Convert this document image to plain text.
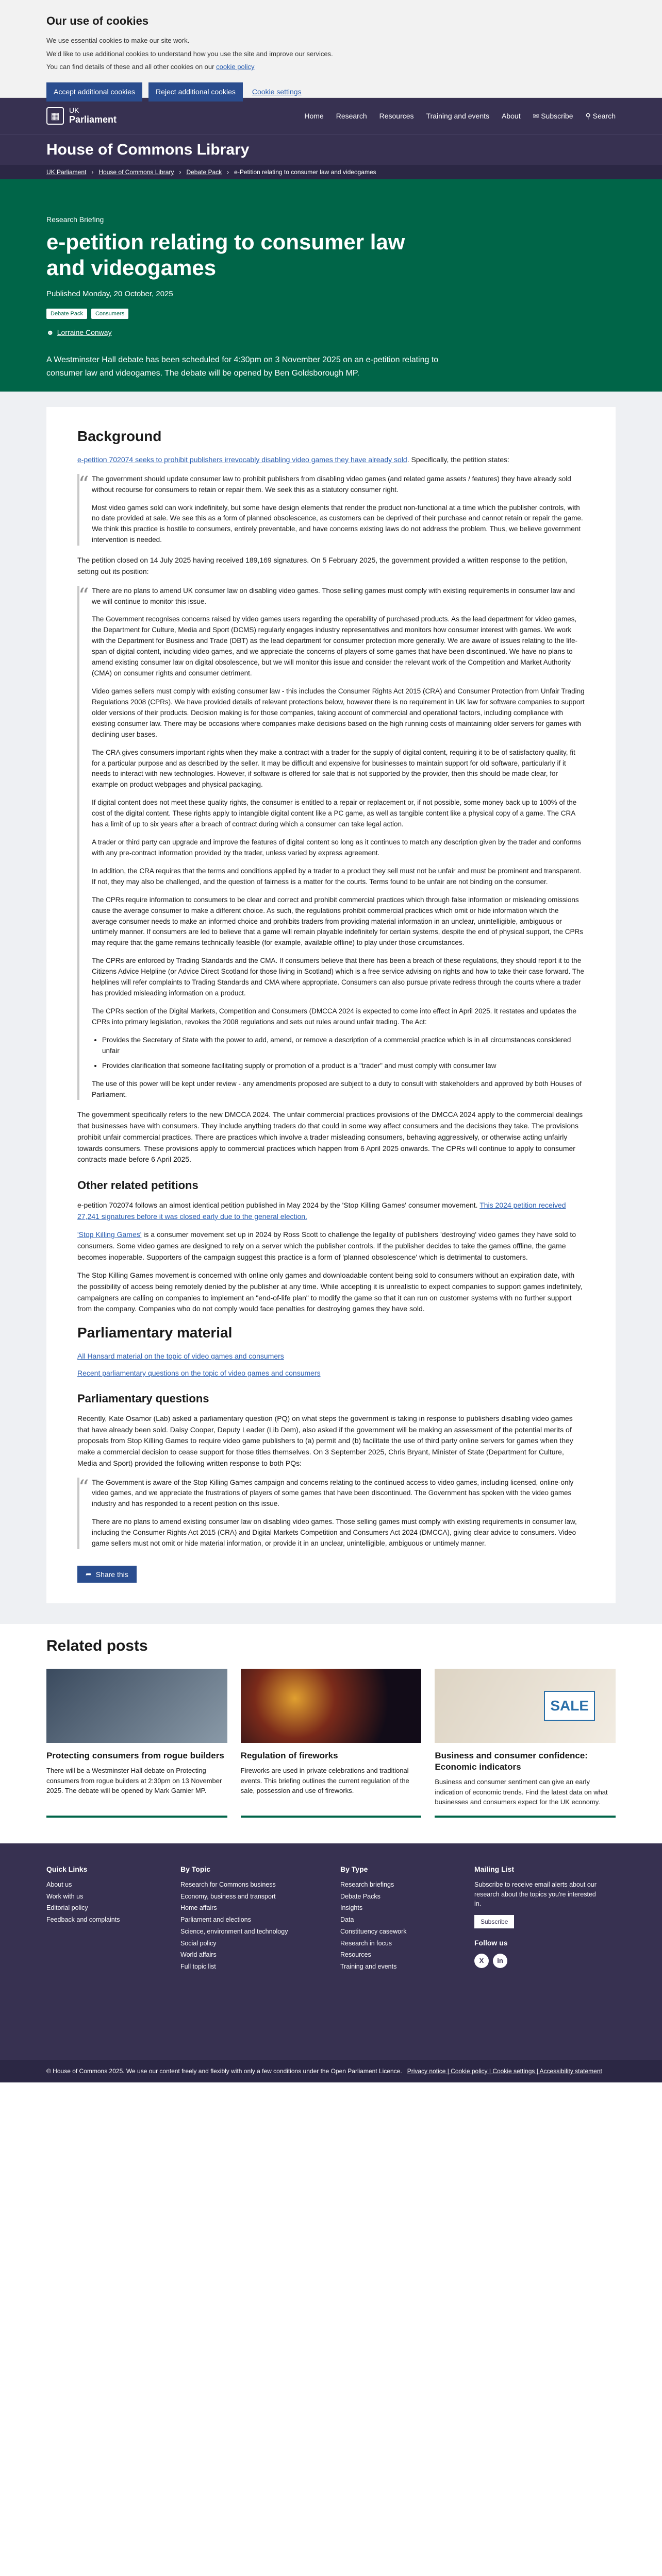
Our use of cookies

We use essential cookies to make our site work.

We'd like to use additional cookies to understand how you use the site and improve our services.

You can find details of these and all other cookies on our cookie policy

Accept additional cookies	Reject additional cookies	Cookie settings
▦
UK
Parliament	Home Research Resources Training and events About ✉ Subscribe ⚲ Search
House of Commons Library
UK Parliament › House of Commons Library › Debate Pack › e-Petition relating to consumer law and videogames
Research Briefing
e-petition relating to consumer law and videogames
Published Monday, 20 October, 2025
Debate Pack	Consumers
☻ Lorraine Conway

A Westminster Hall debate has been scheduled for 4:30pm on 3 November 2025 on an e-petition relating to consumer law and videogames. The debate will be opened by Ben Goldsborough MP.

Background

e-petition 702074 seeks to prohibit publishers irrevocably disabling video games they have already sold. Specifically, the petition states:

“ The government should update consumer law to prohibit publishers from disabling video games (and related game assets / features) they have already sold without recourse for consumers to retain or repair them. We seek this as a statutory consumer right.

Most video games sold can work indefinitely, but some have design elements that render the product non-functional at a time which the publisher controls, with no date provided at sale. We see this as a form of planned obsolescence, as customers can be deprived of their purchase and cannot retain or repair the game. We think this practice is hostile to consumers, entirely preventable, and have concerns existing laws do not address the problem. Thus, we believe government intervention is needed.

The petition closed on 14 July 2025 having received 189,169 signatures. On 5 February 2025, the government provided a written response to the petition, setting out its position:

“ There are no plans to amend UK consumer law on disabling video games. Those selling games must comply with existing requirements in consumer law and we will continue to monitor this issue.

The Government recognises concerns raised by video games users regarding the operability of purchased products. As the lead department for video games, the Department for Culture, Media and Sport (DCMS) regularly engages industry representatives and monitors how consumer interest with games. We work with the Department for Business and Trade (DBT) as the lead department for consumer protection more generally. We are aware of issues relating to the life-span of digital content, including video games, and we appreciate the concerns of players of some games that have been discontinued. We have no plans to amend existing consumer law on digital obsolescence, but we will monitor this issue and consider the relevant work of the Competition and Market Authority (CMA) on consumer rights and consumer detriment.

Video games sellers must comply with existing consumer law - this includes the Consumer Rights Act 2015 (CRA) and Consumer Protection from Unfair Trading Regulations 2008 (CPRs). We have provided details of relevant protections below, however there is no requirement in UK law for software companies to support older versions of their products. Decision making is for those companies, taking account of commercial and operational factors, including compliance with existing consumer law. There may be occasions where companies make decisions based on the high running costs of maintaining older servers for games with declining user bases.

The CRA gives consumers important rights when they make a contract with a trader for the supply of digital content, requiring it to be of satisfactory quality, fit for a particular purpose and as described by the seller. It may be difficult and expensive for businesses to maintain support for old software, particularly if it needs to interact with new technologies. However, if software is offered for sale that is not supported by the provider, then this should be made clear, for example on product webpages and physical packaging.

If digital content does not meet these quality rights, the consumer is entitled to a repair or replacement or, if not possible, some money back up to 100% of the cost of the digital content. These rights apply to intangible digital content like a PC game, as well as tangible content like a physical copy of a game. The CRA has a limit of up to six years after a breach of contract during which a consumer can take legal action.

A trader or third party can upgrade and improve the features of digital content so long as it continues to match any description given by the trader and conforms with any pre-contract information provided by the trader, unless varied by express agreement.

In addition, the CRA requires that the terms and conditions applied by a trader to a product they sell must not be unfair and must be prominent and transparent. If not, they may also be challenged, and the question of fairness is a matter for the courts. Terms found to be unfair are not binding on the consumer.

The CPRs require information to consumers to be clear and correct and prohibit commercial practices which through false information or misleading omissions cause the average consumer to make a different choice. As such, the regulations prohibit commercial practices which omit or hide information which the average consumer needs to make an informed choice and prohibits traders from providing material information in an unclear, unintelligible, ambiguous or untimely manner. If consumers are led to believe that a game will remain playable indefinitely for certain systems, despite the end of physical support, the CPRs may require that the game remains technically feasible (for example, available offline) to play under those circumstances.

The CPRs are enforced by Trading Standards and the CMA. If consumers believe that there has been a breach of these regulations, they should report it to the Citizens Advice Helpline (or Advice Direct Scotland for those living in Scotland) which is a free service advising on rights and how to take their case forward. The helplines will refer complaints to Trading Standards and CMA where appropriate. Consumers can also pursue private redress through the courts where a trader has provided misleading information on a product.

The CPRs section of the Digital Markets, Competition and Consumers (DMCCA 2024 is expected to come into effect in April 2025. It restates and updates the CPRs into primary legislation, revokes the 2008 regulations and sets out rules around unfair trading. The Act:

• Provides the Secretary of State with the power to add, amend, or remove a description of a commercial practice which is in all circumstances considered unfair
• Provides clarification that someone facilitating supply or promotion of a product is a "trader" and must comply with consumer law

The use of this power will be kept under review - any amendments proposed are subject to a duty to consult with stakeholders and approved by both Houses of Parliament.

The government specifically refers to the new DMCCA 2024. The unfair commercial practices provisions of the DMCCA 2024 apply to the commercial dealings that businesses have with consumers. They include anything traders do that could in some way affect consumers and the decisions they take. The provisions prohibit unfair commercial practices. There are practices which involve a trader misleading consumers, behaving aggressively, or otherwise acting unfairly towards consumers. These provisions apply to commercial practices which happen from 6 April 2025 onwards. The CPRs will continue to apply to consumer contracts made before 6 April 2025.

Other related petitions

e-petition 702074 follows an almost identical petition published in May 2024 by the 'Stop Killing Games' consumer movement. This 2024 petition received 27,241 signatures before it was closed early due to the general election.

'Stop Killing Games' is a consumer movement set up in 2024 by Ross Scott to challenge the legality of publishers 'destroying' video games they have sold to consumers. Some video games are designed to rely on a server which the publisher controls. If the publisher decides to take the games offline, the game becomes inoperable. Supporters of the campaign suggest this practice is a form of 'planned obsolescence' which is detrimental to customers.

The Stop Killing Games movement is concerned with online only games and downloadable content being sold to consumers without an expiration date, with the possibility of access being remotely denied by the publisher at any time. While accepting it is unrealistic to expect companies to support games indefinitely, campaigners are calling on companies to implement an "end-of-life plan" to modify the game so that it can run on customer systems with no further support from the company. Companies who do not comply would face penalties for destroying games they have sold.

Parliamentary material
All Hansard material on the topic of video games and consumers
Recent parliamentary questions on the topic of video games and consumers
Parliamentary questions

Recently, Kate Osamor (Lab) asked a parliamentary question (PQ) on what steps the government is taking in response to publishers disabling video games that have already been sold. Daisy Cooper, Deputy Leader (Lib Dem), also asked if the government will be making an assessment of the potential merits of proposals from Stop Killing Games to require video game publishers to (a) permit and (b) facilitate the use of third party online servers for games when they make a commercial decision to cease support for those titles themselves. On 3 September 2025, Chris Bryant, Minister of State (Department for Culture, Media and Sport) provided the following written response to both PQs:

“ The Government is aware of the Stop Killing Games campaign and concerns relating to the continued access to video games, including licensed, online-only video games, and we appreciate the frustrations of players of some games that have been discontinued. The Government has spoken with the video games industry and has responded to a recent petition on this issue.

There are no plans to amend existing consumer law on disabling video games. Those selling games must comply with existing requirements in consumer law, including the Consumer Rights Act 2015 (CRA) and Digital Markets Competition and Consumers Act 2024 (DMCCA), giving clear advice to consumers. Video game sellers must not omit or hide material information, or provide it in an unclear, unintelligible, ambiguous or untimely manner.

➦ Share this
Related posts
Protecting consumers from rogue builders

There will be a Westminster Hall debate on Protecting consumers from rogue builders at 2:30pm on 13 November 2025. The debate will be opened by Mark Garnier MP.

Regulation of fireworks

Fireworks are used in private celebrations and traditional events. This briefing outlines the current regulation of the sale, possession and use of fireworks.

SALE
Business and consumer confidence: Economic indicators

Business and consumer sentiment can give an early indication of economic trends. Find the latest data on what businesses and consumers expect for the UK economy.

Quick Links
About us
Work with us
Editorial policy
Feedback and complaints
By Topic
Research for Commons business
Economy, business and transport
Home affairs
Parliament and elections
Science, environment and technology
Social policy
World affairs
Full topic list
By Type
Research briefings
Debate Packs
Insights
Data
Constituency casework
Research in focus
Resources
Training and events
Mailing List
Subscribe to receive email alerts about our research about the topics you're interested in.
Subscribe
Follow us
X	in
© House of Commons 2025. We use our content freely and flexibly with only a few conditions under the Open Parliament Licence. Privacy notice | Cookie policy | Cookie settings | Accessibility statement
